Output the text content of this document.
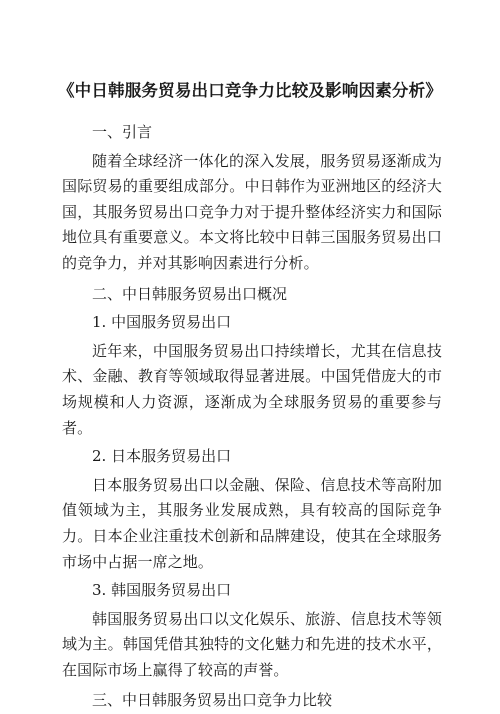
《中日韩服务贸易出口竞争力比较及影响因素分析》

一、引言

随着全球经济一体化的深入发展，服务贸易逐渐成为国际贸易的重要组成部分。中日韩作为亚洲地区的经济大国，其服务贸易出口竞争力对于提升整体经济实力和国际地位具有重要意义。本文将比较中日韩三国服务贸易出口的竞争力，并对其影响因素进行分析。

二、中日韩服务贸易出口概况

1. 中国服务贸易出口

近年来，中国服务贸易出口持续增长，尤其在信息技术、金融、教育等领域取得显著进展。中国凭借庞大的市场规模和人力资源，逐渐成为全球服务贸易的重要参与者。

2. 日本服务贸易出口

日本服务贸易出口以金融、保险、信息技术等高附加值领域为主，其服务业发展成熟，具有较高的国际竞争力。日本企业注重技术创新和品牌建设，使其在全球服务市场中占据一席之地。

3. 韩国服务贸易出口

韩国服务贸易出口以文化娱乐、旅游、信息技术等领域为主。韩国凭借其独特的文化魅力和先进的技术水平，在国际市场上赢得了较高的声誉。

三、中日韩服务贸易出口竞争力比较
